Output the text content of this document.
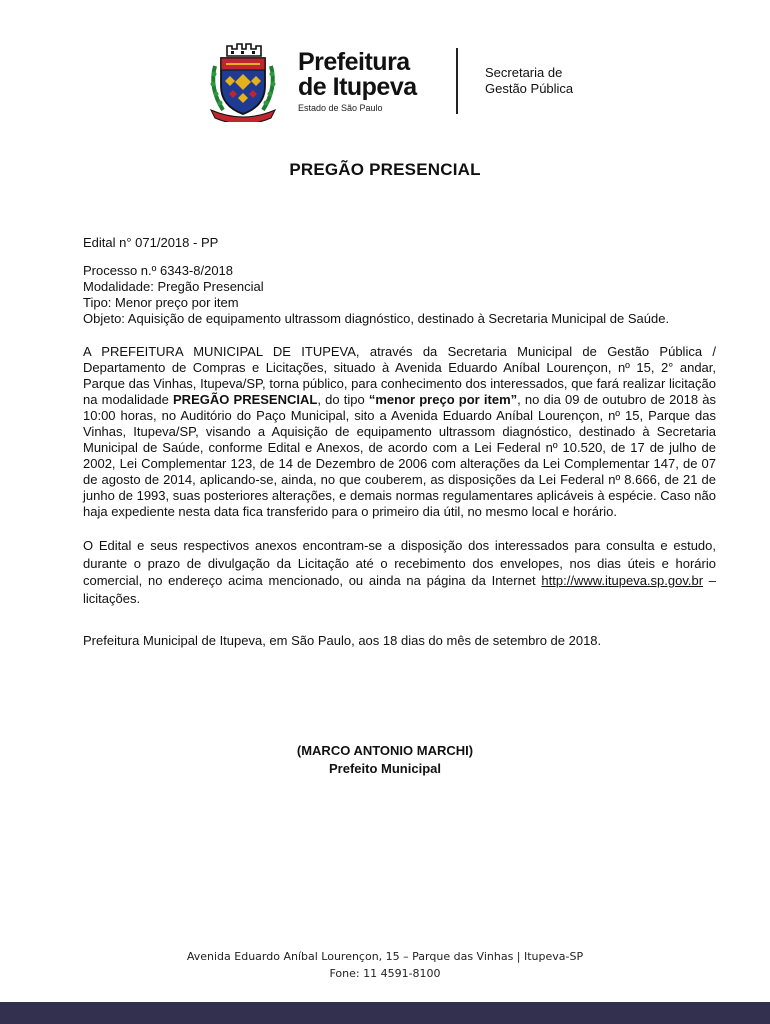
Prefeitura
de Itupeva
Estado de São Paulo
Secretaria de
Gestão Pública
PREGÃO PRESENCIAL

Edital n° 071/2018 - PP

Processo n.º 6343-8/2018

Modalidade: Pregão Presencial

Tipo: Menor preço por item

Objeto: Aquisição de equipamento ultrassom diagnóstico, destinado à Secretaria Municipal de Saúde.

A PREFEITURA MUNICIPAL DE ITUPEVA, através da Secretaria Municipal de Gestão Pública / Departamento de Compras e Licitações, situado à Avenida Eduardo Aníbal Lourençon, nº 15, 2° andar, Parque das Vinhas, Itupeva/SP, torna público, para conhecimento dos interessados, que fará realizar licitação na modalidade PREGÃO PRESENCIAL, do tipo “menor preço por item”, no dia 09 de outubro de 2018 às 10:00 horas, no Auditório do Paço Municipal, sito a Avenida Eduardo Aníbal Lourençon, nº 15, Parque das Vinhas, Itupeva/SP, visando a Aquisição de equipamento ultrassom diagnóstico, destinado à Secretaria Municipal de Saúde, conforme Edital e Anexos, de acordo com a Lei Federal nº 10.520, de 17 de julho de 2002, Lei Complementar 123, de 14 de Dezembro de 2006 com alterações da Lei Complementar 147, de 07 de agosto de 2014, aplicando-se, ainda, no que couberem, as disposições da Lei Federal nº 8.666, de 21 de junho de 1993, suas posteriores alterações, e demais normas regulamentares aplicáveis à espécie. Caso não haja expediente nesta data fica transferido para o primeiro dia útil, no mesmo local e horário.

O Edital e seus respectivos anexos encontram-se a disposição dos interessados para consulta e estudo, durante o prazo de divulgação da Licitação até o recebimento dos envelopes, nos dias úteis e horário comercial, no endereço acima mencionado, ou ainda na página da Internet http://www.itupeva.sp.gov.br – licitações.

Prefeitura Municipal de Itupeva, em São Paulo, aos 18 dias do mês de setembro de 2018.

(MARCO ANTONIO MARCHI)
Prefeito Municipal
Avenida Eduardo Aníbal Lourençon, 15 – Parque das Vinhas | Itupeva-SP
Fone: 11 4591-8100
